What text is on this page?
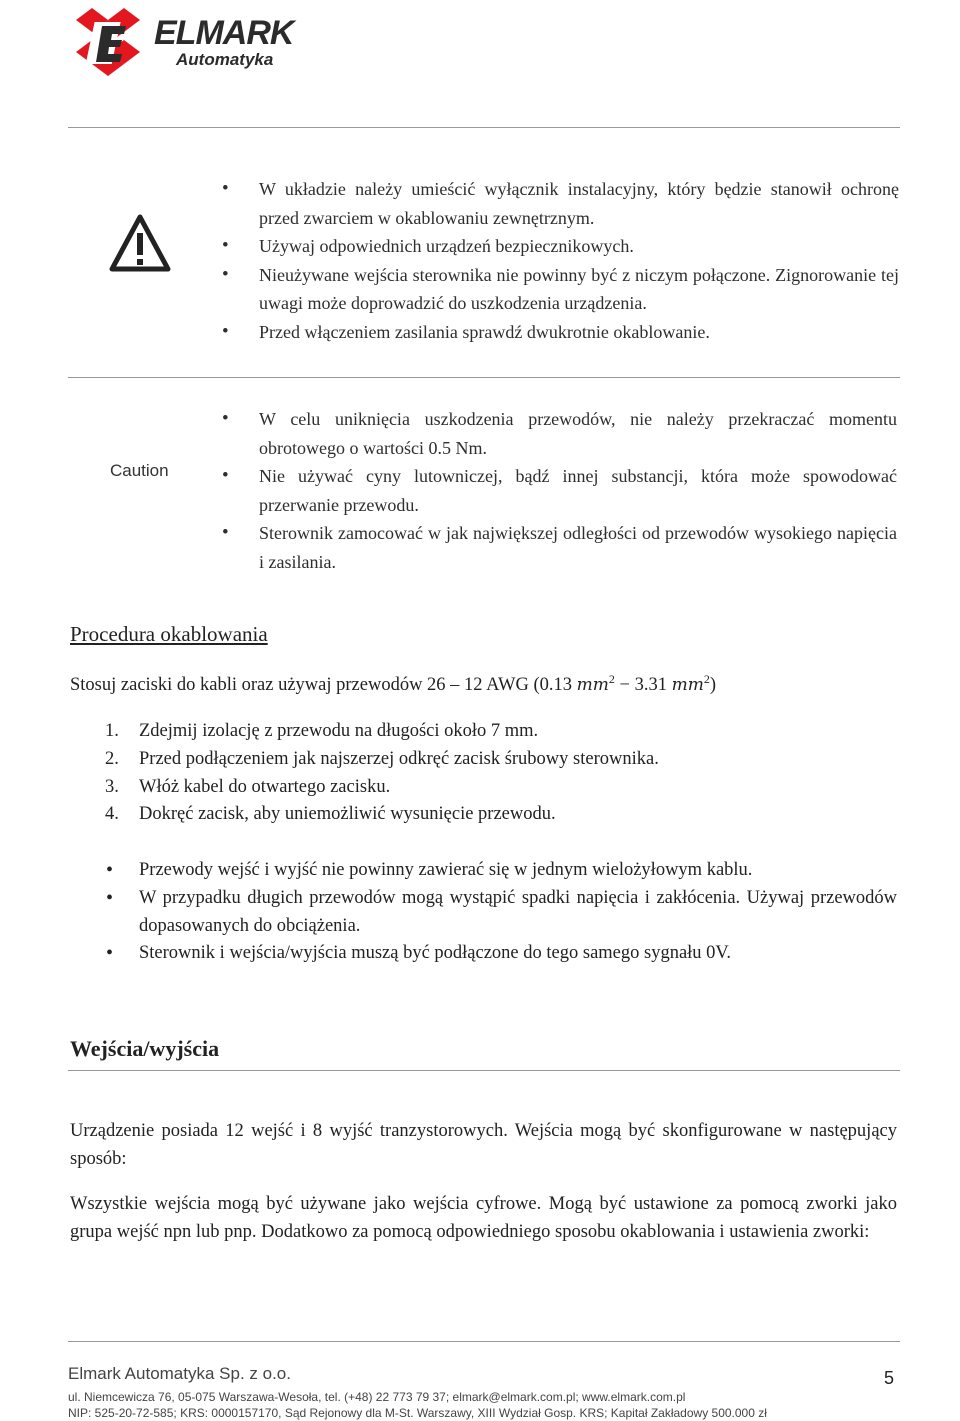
ELMARK
Automatyka
• W układzie należy umieścić wyłącznik instalacyjny, który będzie stanowił ochronę przed zwarciem w okablowaniu zewnętrznym.
• Używaj odpowiednich urządzeń bezpiecznikowych.
• Nieużywane wejścia sterownika nie powinny być z niczym połączone. Zignorowanie tej uwagi może doprowadzić do uszkodzenia urządzenia.
• Przed włączeniem zasilania sprawdź dwukrotnie okablowanie.
Caution
• W celu uniknięcia uszkodzenia przewodów, nie należy przekraczać momentu obrotowego o wartości 0.5 Nm.
• Nie używać cyny lutowniczej, bądź innej substancji, która może spowodować przerwanie przewodu.
• Sterownik zamocować w jak największej odległości od przewodów wysokiego napięcia i zasilania.
Procedura okablowania
Stosuj zaciski do kabli oraz używaj przewodów 26 – 12 AWG (0.13 $mm^2 - 3.31$ $mm^2$)
1. Zdejmij izolację z przewodu na długości około 7 mm.
2. Przed podłączeniem jak najszerzej odkręć zacisk śrubowy sterownika.
3. Włóż kabel do otwartego zacisku.
4. Dokręć zacisk, aby uniemożliwić wysunięcie przewodu.
• Przewody wejść i wyjść nie powinny zawierać się w jednym wielożyłowym kablu.
• W przypadku długich przewodów mogą wystąpić spadki napięcia i zakłócenia. Używaj przewodów dopasowanych do obciążenia.
• Sterownik i wejścia/wyjścia muszą być podłączone do tego samego sygnału 0V.
Wejścia/wyjścia
Urządzenie posiada 12 wejść i 8 wyjść tranzystorowych. Wejścia mogą być skonfigurowane w następujący sposób:
Wszystkie wejścia mogą być używane jako wejścia cyfrowe. Mogą być ustawione za pomocą zworki jako grupa wejść npn lub pnp. Dodatkowo za pomocą odpowiedniego sposobu okablowania i ustawienia zworki:
Elmark Automatyka Sp. z o.o.	5
ul. Niemcewicza 76, 05-075 Warszawa-Wesoła, tel. (+48) 22 773 79 37; elmark@elmark.com.pl; www.elmark.com.pl
NIP: 525-20-72-585; KRS: 0000157170, Sąd Rejonowy dla M-St. Warszawy, XIII Wydział Gosp. KRS; Kapitał Zakładowy 500.000 zł
